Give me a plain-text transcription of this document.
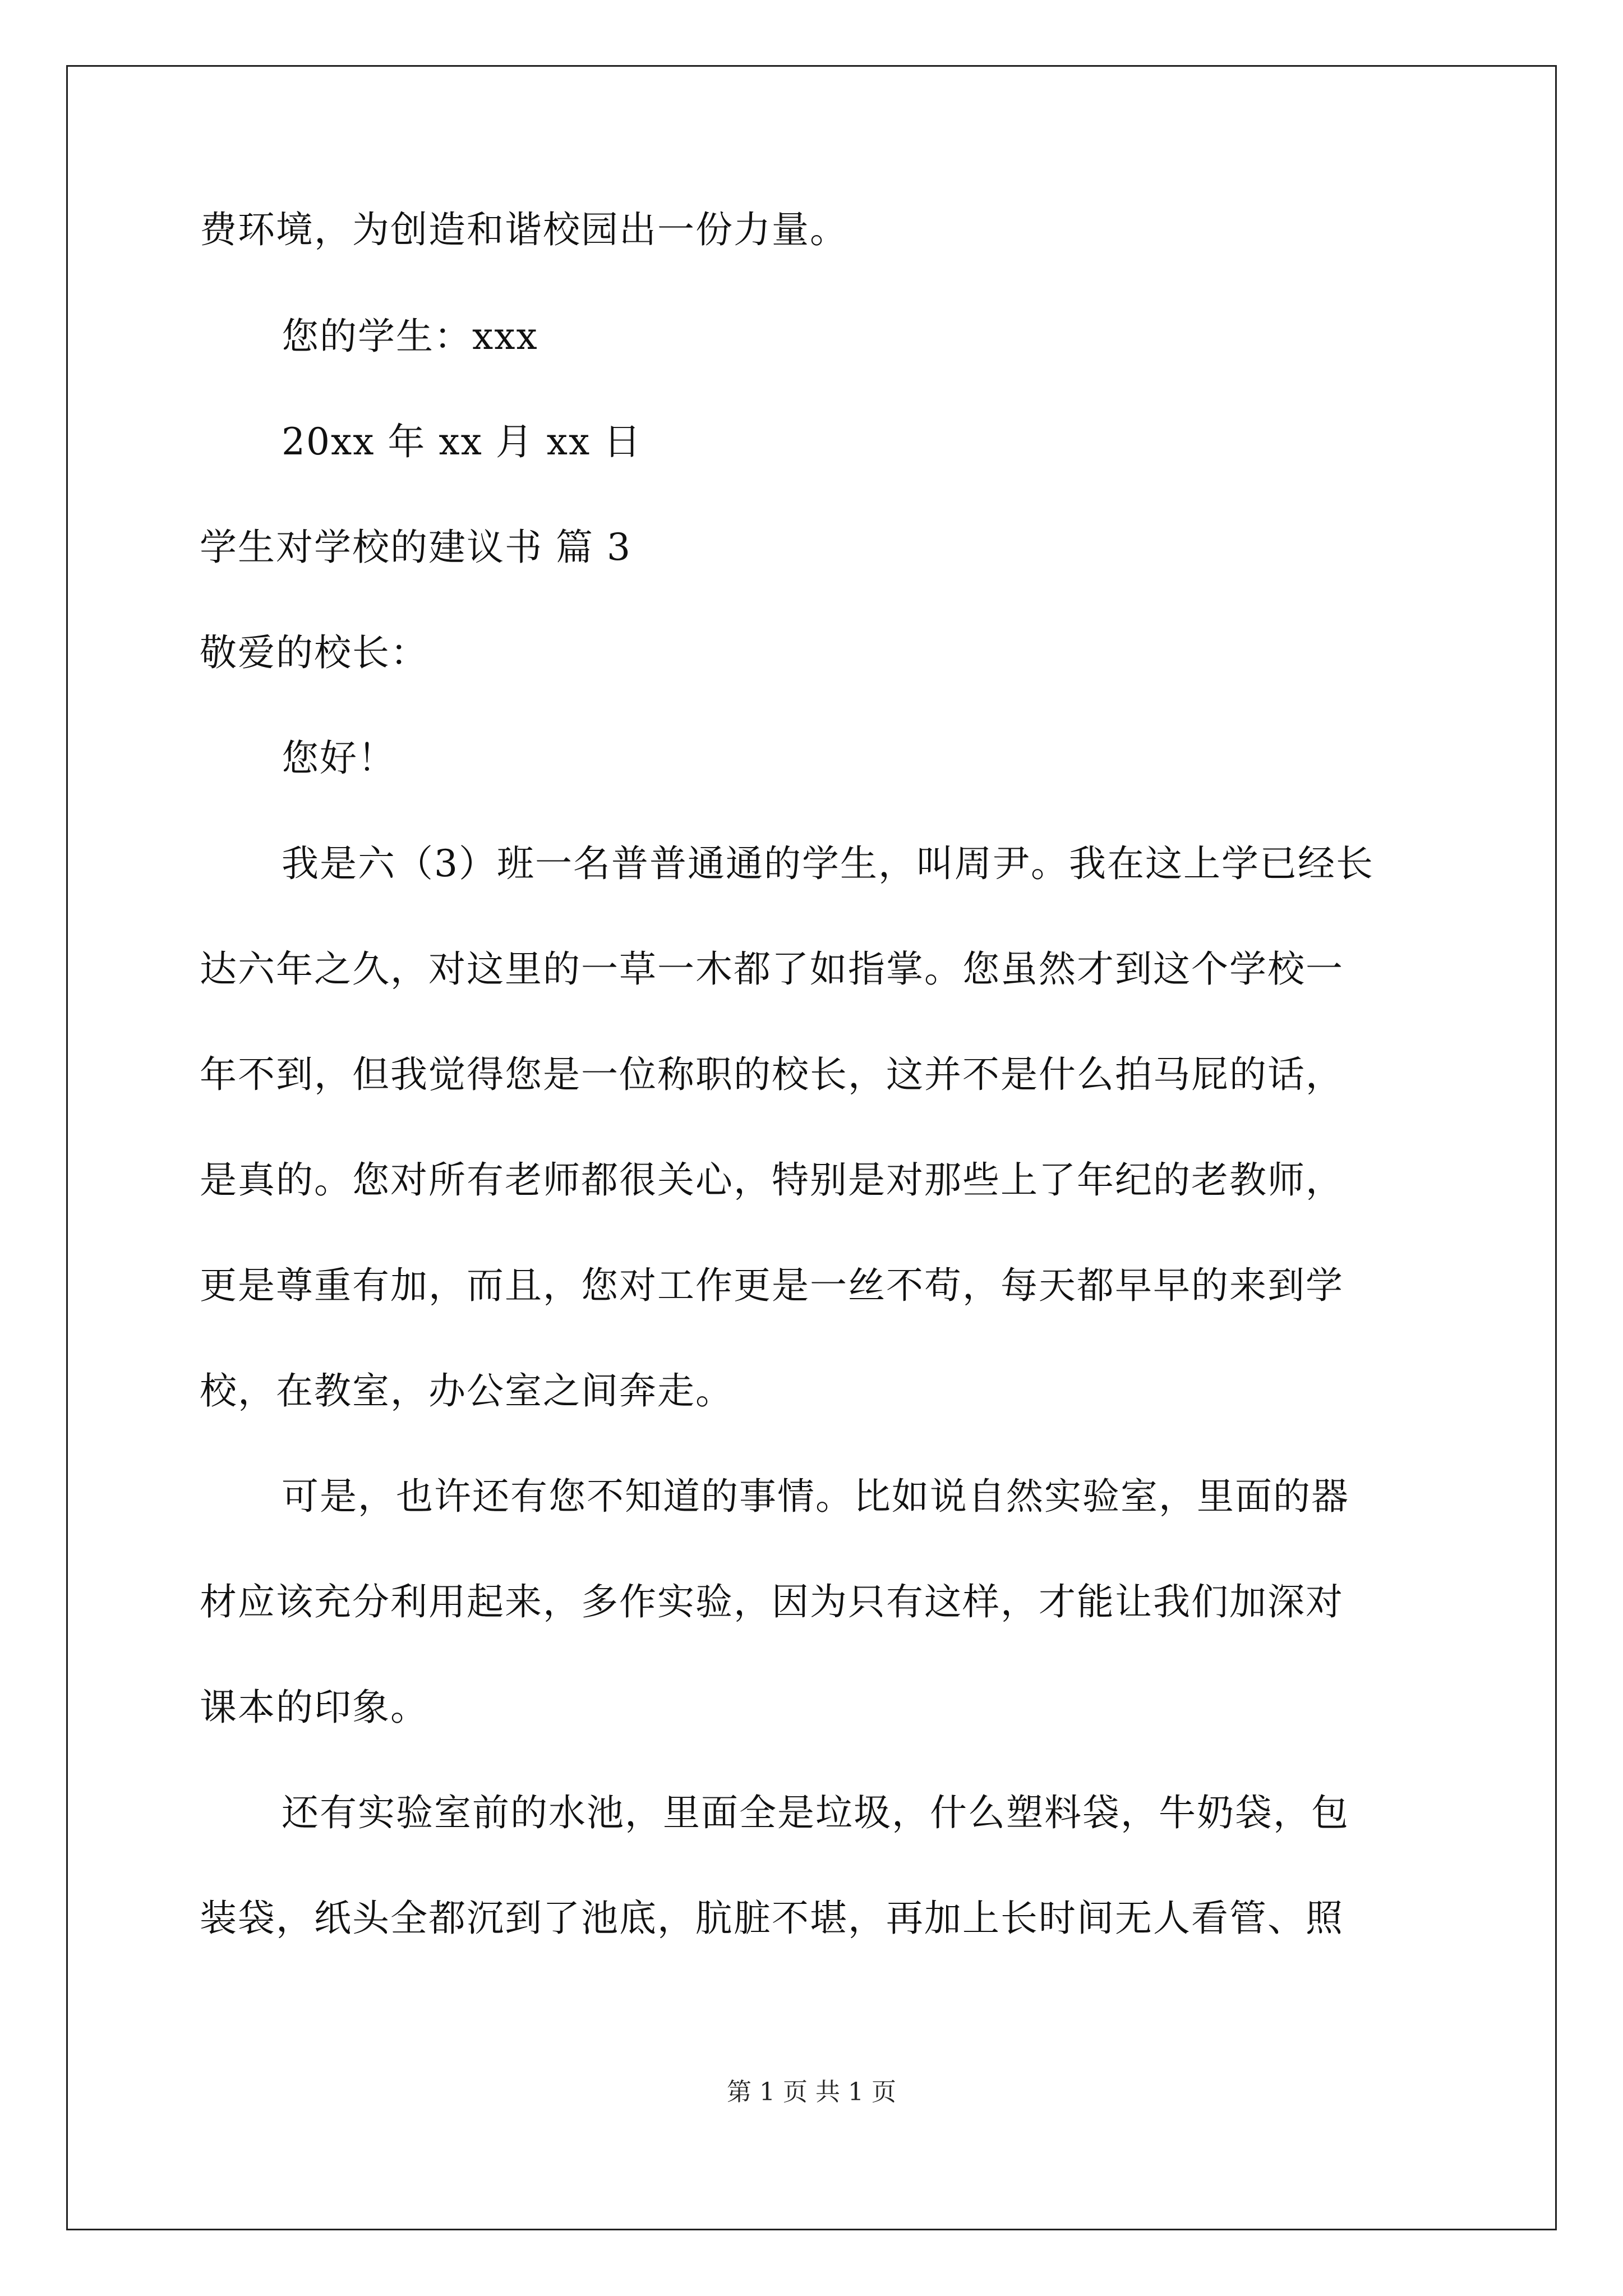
费环境，为创造和谐校园出一份力量。
您的学生：xxx
20xx 年 xx 月 xx 日
学生对学校的建议书 篇 3
敬爱的校长：
您好！
我是六（3）班一名普普通通的学生，叫周尹。我在这上学已经长
达六年之久，对这里的一草一木都了如指掌。您虽然才到这个学校一
年不到，但我觉得您是一位称职的校长，这并不是什么拍马屁的话，
是真的。您对所有老师都很关心，特别是对那些上了年纪的老教师，
更是尊重有加，而且，您对工作更是一丝不苟，每天都早早的来到学
校，在教室，办公室之间奔走。
可是，也许还有您不知道的事情。比如说自然实验室，里面的器
材应该充分利用起来，多作实验，因为只有这样，才能让我们加深对
课本的印象。
还有实验室前的水池，里面全是垃圾，什么塑料袋，牛奶袋，包
装袋，纸头全都沉到了池底，肮脏不堪，再加上长时间无人看管、照
第 1 页 共 1 页
